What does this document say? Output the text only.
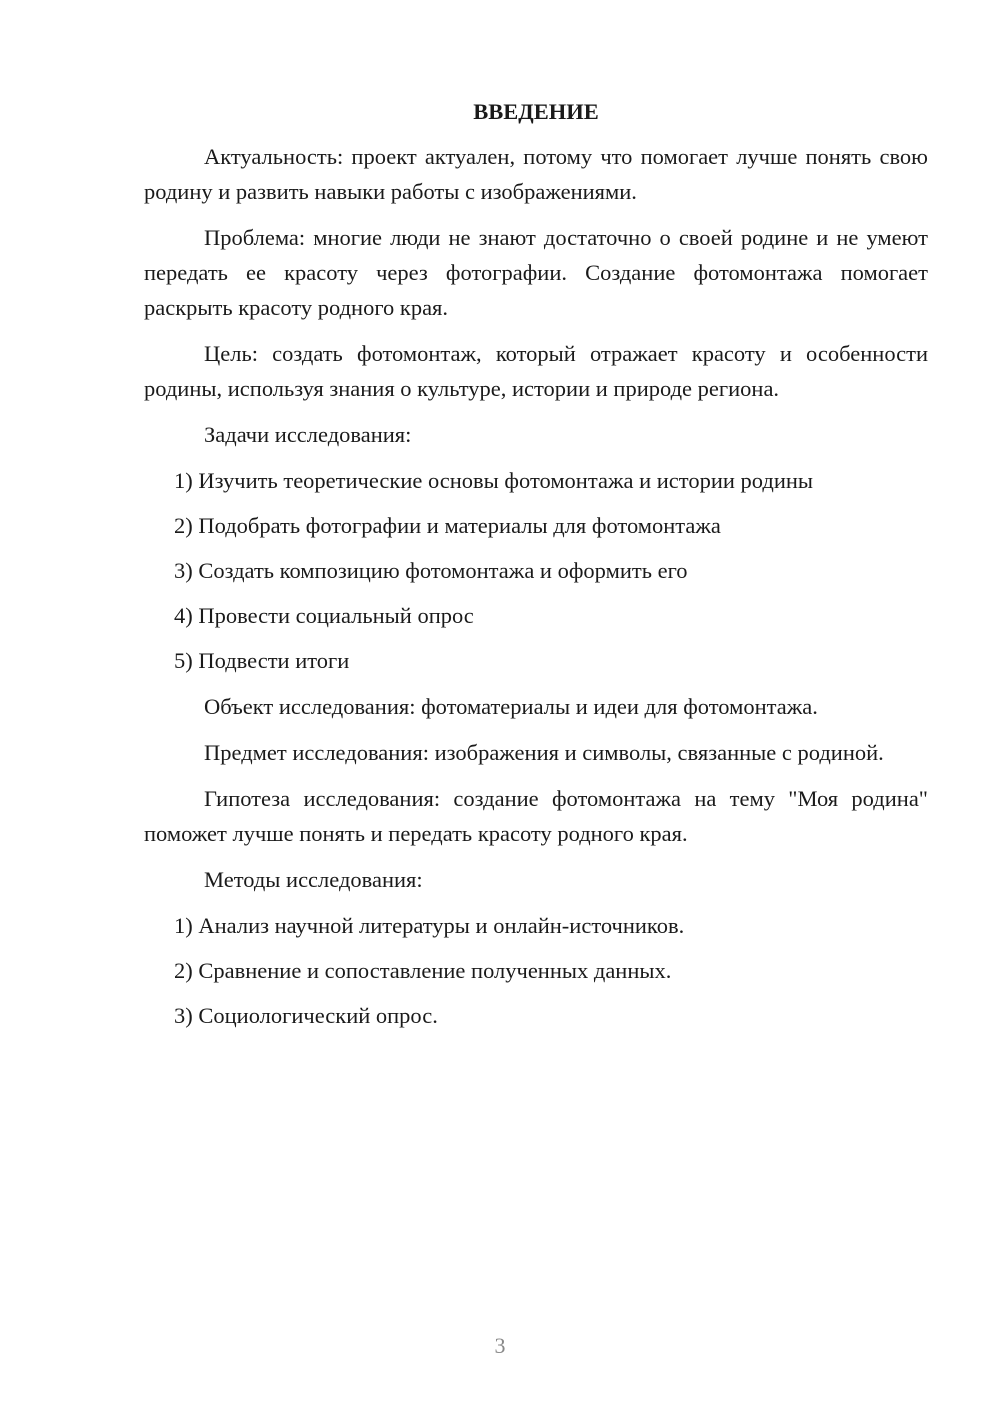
ВВЕДЕНИЕ

Актуальность: проект актуален, потому что помогает лучше понять свою родину и развить навыки работы с изображениями.

Проблема: многие люди не знают достаточно о своей родине и не умеют передать ее красоту через фотографии. Создание фотомонтажа помогает раскрыть красоту родного края.

Цель: создать фотомонтаж, который отражает красоту и особенности родины, используя знания о культуре, истории и природе региона.

Задачи исследования:

1) Изучить теоретические основы фотомонтажа и истории родины
2) Подобрать фотографии и материалы для фотомонтажа
3) Создать композицию фотомонтажа и оформить его
4) Провести социальный опрос
5) Подвести итоги

Объект исследования: фотоматериалы и идеи для фотомонтажа.

Предмет исследования: изображения и символы, связанные с родиной.

Гипотеза исследования: создание фотомонтажа на тему "Моя родина" поможет лучше понять и передать красоту родного края.

Методы исследования:

1) Анализ научной литературы и онлайн-источников.
2) Сравнение и сопоставление полученных данных.
3) Социологический опрос.
3
